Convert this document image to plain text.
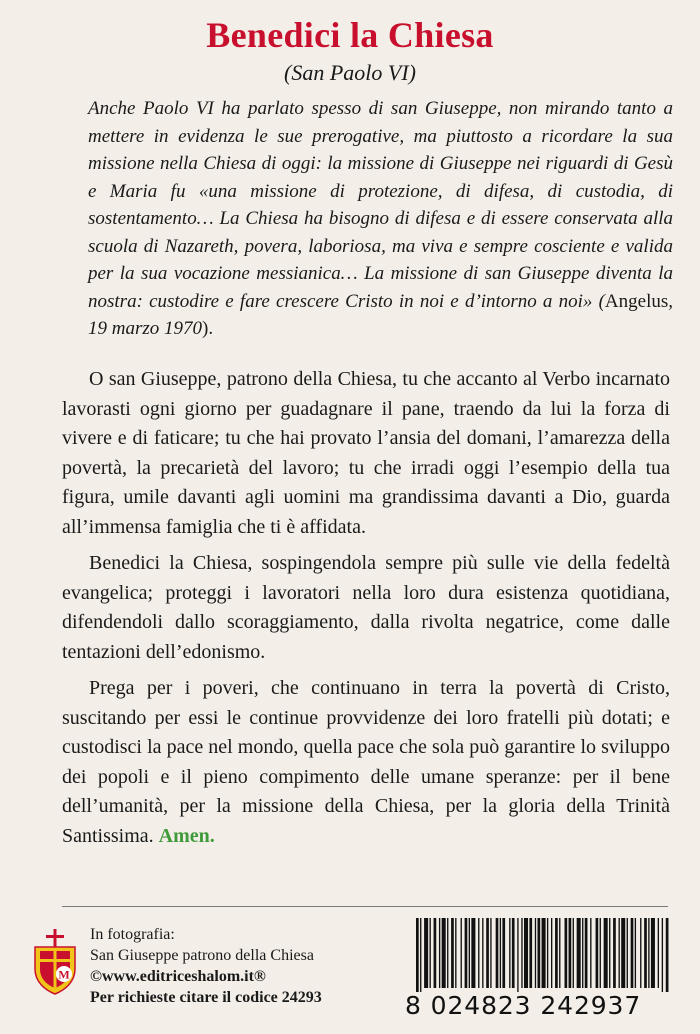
Benedici la Chiesa
(San Paolo VI)
Anche Paolo VI ha parlato spesso di san Giuseppe, non mirando tanto a mettere in evidenza le sue prerogative, ma piuttosto a ricordare la sua missione nella Chiesa di oggi: la missione di Giuseppe nei riguardi di Gesù e Maria fu «una missione di protezione, di difesa, di custodia, di sostentamento… La Chiesa ha bisogno di difesa e di essere conservata alla scuola di Nazareth, povera, laboriosa, ma viva e sempre cosciente e valida per la sua vocazione messianica… La missione di san Giuseppe diventa la nostra: custodire e fare crescere Cristo in noi e d’intorno a noi» (Angelus, 19 marzo 1970).

O san Giuseppe, patrono della Chiesa, tu che accanto al Verbo incarnato lavorasti ogni giorno per guadagnare il pane, traendo da lui la forza di vivere e di faticare; tu che hai provato l’ansia del domani, l’amarezza della povertà, la precarietà del lavoro; tu che irradi oggi l’esempio della tua figura, umile davanti agli uomini ma grandissima davanti a Dio, guarda all’immensa famiglia che ti è affidata.

Benedici la Chiesa, sospingendola sempre più sulle vie della fedeltà evangelica; proteggi i lavoratori nella loro dura esistenza quotidiana, difendendoli dallo scoraggiamento, dalla rivolta negatrice, come dalle tentazioni dell’edonismo.

Prega per i poveri, che continuano in terra la povertà di Cristo, suscitando per essi le continue provvidenze dei loro fratelli più dotati; e custodisci la pace nel mondo, quella pace che sola può garantire lo sviluppo dei popoli e il pieno compimento delle umane speranze: per il bene dell’umanità, per la missione della Chiesa, per la gloria della Trinità Santissima. Amen.

M
In fotografia:
San Giuseppe patrono della Chiesa
©www.editriceshalom.it®
Per richieste citare il codice 24293	8 024823 242937
